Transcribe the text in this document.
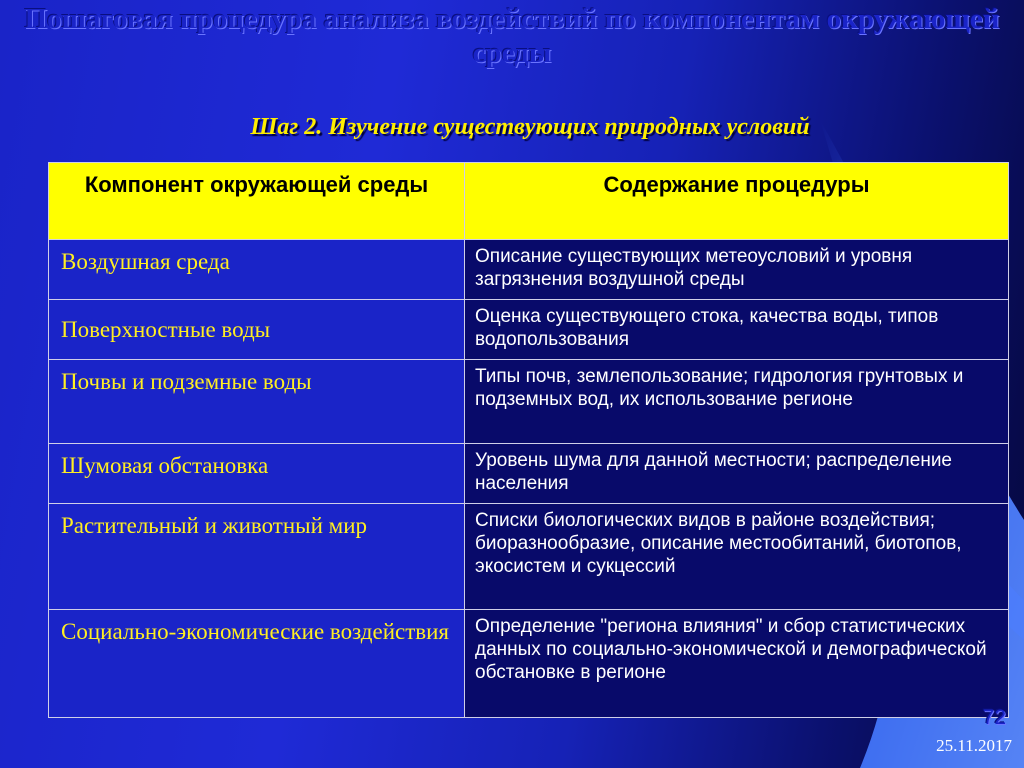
Пошаговая процедура анализа воздействий по компонентам окружающей среды
Шаг 2. Изучение существующих природных условий
Компонент окружающей среды	Содержание процедуры
Воздушная среда	Описание существующих метеоусловий и уровня загрязнения воздушной среды
Поверхностные воды	Оценка существующего стока, качества воды, типов водопользования
Почвы и подземные воды	Типы почв, землепользование; гидрология грунтовых и подземных вод, их использование регионе
Шумовая обстановка	Уровень шума для данной местности; распределение населения
Растительный и животный мир	Списки биологических видов в районе воздействия; биоразнообразие, описание местообитаний, биотопов, экосистем и сукцессий
Социально-экономические воздействия	Определение "региона влияния" и сбор статистических данных по социально-экономической и демографической обстановке в регионе
72
25.11.2017
